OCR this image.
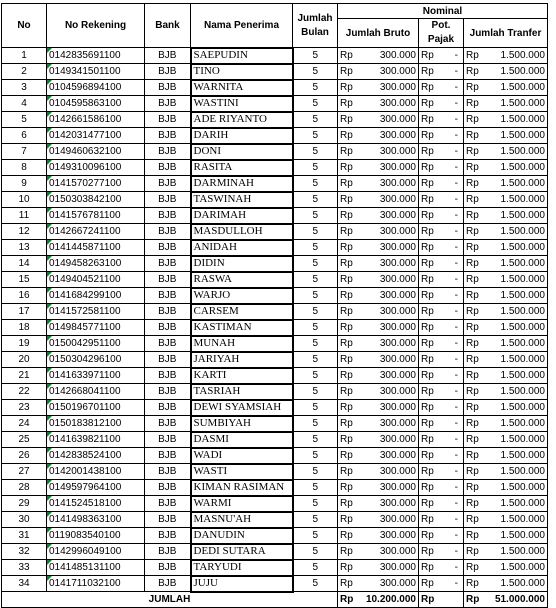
No	No Rekening	Bank	Nama Penerima	Jumlah Bulan	Nominal			
					Jumlah Bruto	Pot. Pajak	Jumlah Tranfer	

1	0142835691100	BJB	SAEPUDIN	5	Rp 300.000	Rp -	Rp 1.500.000	

2	0149341501100	BJB	TINO	5	Rp 300.000	Rp -	Rp 1.500.000	

3	0104596894100	BJB	WARNITA	5	Rp 300.000	Rp -	Rp 1.500.000	

4	0104595863100	BJB	WASTINI	5	Rp 300.000	Rp -	Rp 1.500.000	

5	0142661586100	BJB	ADE RIYANTO	5	Rp 300.000	Rp -	Rp 1.500.000	

6	0142031477100	BJB	DARIH	5	Rp 300.000	Rp -	Rp 1.500.000	

7	0149460632100	BJB	DONI	5	Rp 300.000	Rp -	Rp 1.500.000	

8	0149310096100	BJB	RASITA	5	Rp 300.000	Rp -	Rp 1.500.000	

9	0141570277100	BJB	DARMINAH	5	Rp 300.000	Rp -	Rp 1.500.000	

10	0150303842100	BJB	TASWINAH	5	Rp 300.000	Rp -	Rp 1.500.000	

11	0141576781100	BJB	DARIMAH	5	Rp 300.000	Rp -	Rp 1.500.000	

12	0142667241100	BJB	MASDULLOH	5	Rp 300.000	Rp -	Rp 1.500.000	

13	0141445871100	BJB	ANIDAH	5	Rp 300.000	Rp -	Rp 1.500.000	

14	0149458263100	BJB	DIDIN	5	Rp 300.000	Rp -	Rp 1.500.000	

15	0149404521100	BJB	RASWA	5	Rp 300.000	Rp -	Rp 1.500.000	

16	0141684299100	BJB	WARJO	5	Rp 300.000	Rp -	Rp 1.500.000	

17	0141572581100	BJB	CARSEM	5	Rp 300.000	Rp -	Rp 1.500.000	

18	0149845771100	BJB	KASTIMAN	5	Rp 300.000	Rp -	Rp 1.500.000	

19	0150042951100	BJB	MUNAH	5	Rp 300.000	Rp -	Rp 1.500.000	

20	0150304296100	BJB	JARIYAH	5	Rp 300.000	Rp -	Rp 1.500.000	

21	0141633971100	BJB	KARTI	5	Rp 300.000	Rp -	Rp 1.500.000	

22	0142668041100	BJB	TASRIAH	5	Rp 300.000	Rp -	Rp 1.500.000	

23	0150196701100	BJB	DEWI SYAMSIAH	5	Rp 300.000	Rp -	Rp 1.500.000	

24	0150183812100	BJB	SUMBIYAH	5	Rp 300.000	Rp -	Rp 1.500.000	

25	0141639821100	BJB	DASMI	5	Rp 300.000	Rp -	Rp 1.500.000	

26	0142838524100	BJB	WADI	5	Rp 300.000	Rp -	Rp 1.500.000	

27	0142001438100	BJB	WASTI	5	Rp 300.000	Rp -	Rp 1.500.000	

28	0149597964100	BJB	KIMAN RASIMAN	5	Rp 300.000	Rp -	Rp 1.500.000	

29	0141524518100	BJB	WARMI	5	Rp 300.000	Rp -	Rp 1.500.000	

30	0141498363100	BJB	MASNU'AH	5	Rp 300.000	Rp -	Rp 1.500.000	

31	0119083540100	BJB	DANUDIN	5	Rp 300.000	Rp -	Rp 1.500.000	

32	0142996049100	BJB	DEDI SUTARA	5	Rp 300.000	Rp -	Rp 1.500.000	

33	0141485131100	BJB	TARYUDI	5	Rp 300.000	Rp -	Rp 1.500.000	

34	0141711032100	BJB	JUJU	5	Rp 300.000	Rp -	Rp 1.500.000	

JUMLAH					Rp 10.200.000	Rp	Rp 51.000.000	
